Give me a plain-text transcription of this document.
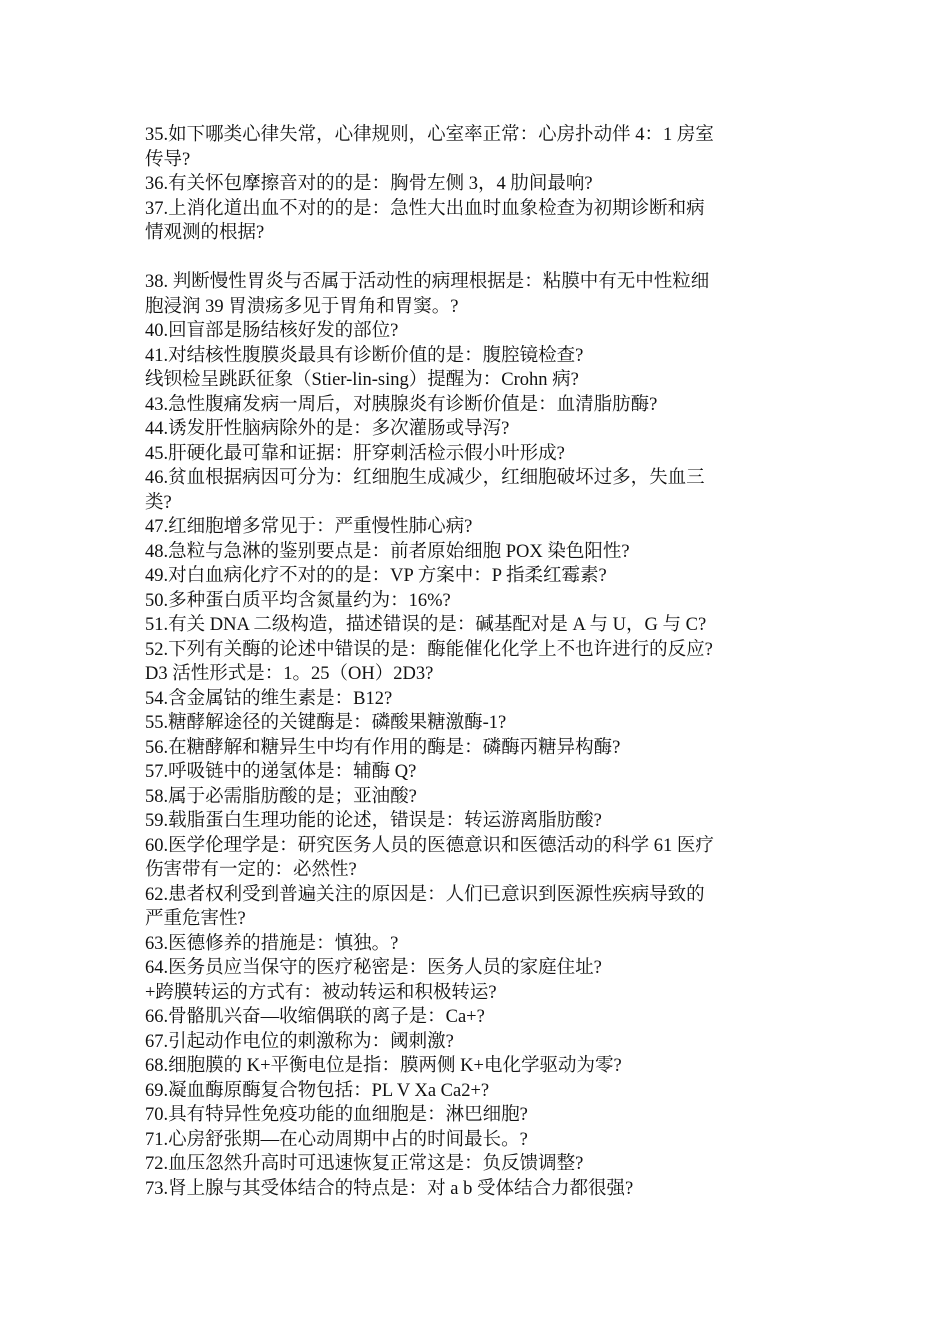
35.如下哪类心律失常，心律规则，心室率正常：心房扑动伴 4：1 房室
传导?
36.有关怀包摩擦音对的的是：胸骨左侧 3，4 肋间最响?
37.上消化道出血不对的的是：急性大出血时血象检查为初期诊断和病
情观测的根据?
38. 判断慢性胃炎与否属于活动性的病理根据是：粘膜中有无中性粒细
胞浸润 39 胃溃疡多见于胃角和胃窦。?
40.回盲部是肠结核好发的部位?
41.对结核性腹膜炎最具有诊断价值的是：腹腔镜检查?
线钡检呈跳跃征象（Stier-lin-sing）提醒为：Crohn 病?
43.急性腹痛发病一周后，对胰腺炎有诊断价值是：血清脂肪酶?
44.诱发肝性脑病除外的是：多次灌肠或导泻?
45.肝硬化最可靠和证据：肝穿刺活检示假小叶形成?
46.贫血根据病因可分为：红细胞生成减少，红细胞破坏过多，失血三
类?
47.红细胞增多常见于：严重慢性肺心病?
48.急粒与急淋的鉴别要点是：前者原始细胞 POX 染色阳性?
49.对白血病化疗不对的的是：VP 方案中：P 指柔红霉素?
50.多种蛋白质平均含氮量约为：16%?
51.有关 DNA 二级构造，描述错误的是：碱基配对是 A 与 U，G 与 C?
52.下列有关酶的论述中错误的是：酶能催化化学上不也许进行的反应?
D3 活性形式是：1。25（OH）2D3?
54.含金属钴的维生素是：B12?
55.糖酵解途径的关键酶是：磷酸果糖激酶-1?
56.在糖酵解和糖异生中均有作用的酶是：磷酶丙糖异构酶?
57.呼吸链中的递氢体是：辅酶 Q?
58.属于必需脂肪酸的是；亚油酸?
59.载脂蛋白生理功能的论述，错误是：转运游离脂肪酸?
60.医学伦理学是：研究医务人员的医德意识和医德活动的科学 61 医疗
伤害带有一定的：必然性?
62.患者权利受到普遍关注的原因是：人们已意识到医源性疾病导致的
严重危害性?
63.医德修养的措施是：慎独。?
64.医务员应当保守的医疗秘密是：医务人员的家庭住址?
+跨膜转运的方式有：被动转运和积极转运?
66.骨骼肌兴奋—收缩偶联的离子是：Ca+?
67.引起动作电位的刺激称为：阈刺激?
68.细胞膜的 K+平衡电位是指：膜两侧 K+电化学驱动为零?
69.凝血酶原酶复合物包括：PL V Xa Ca2+?
70.具有特异性免疫功能的血细胞是：淋巴细胞?
71.心房舒张期—在心动周期中占的时间最长。?
72.血压忽然升高时可迅速恢复正常这是：负反馈调整?
73.肾上腺与其受体结合的特点是：对 a b 受体结合力都很强?
